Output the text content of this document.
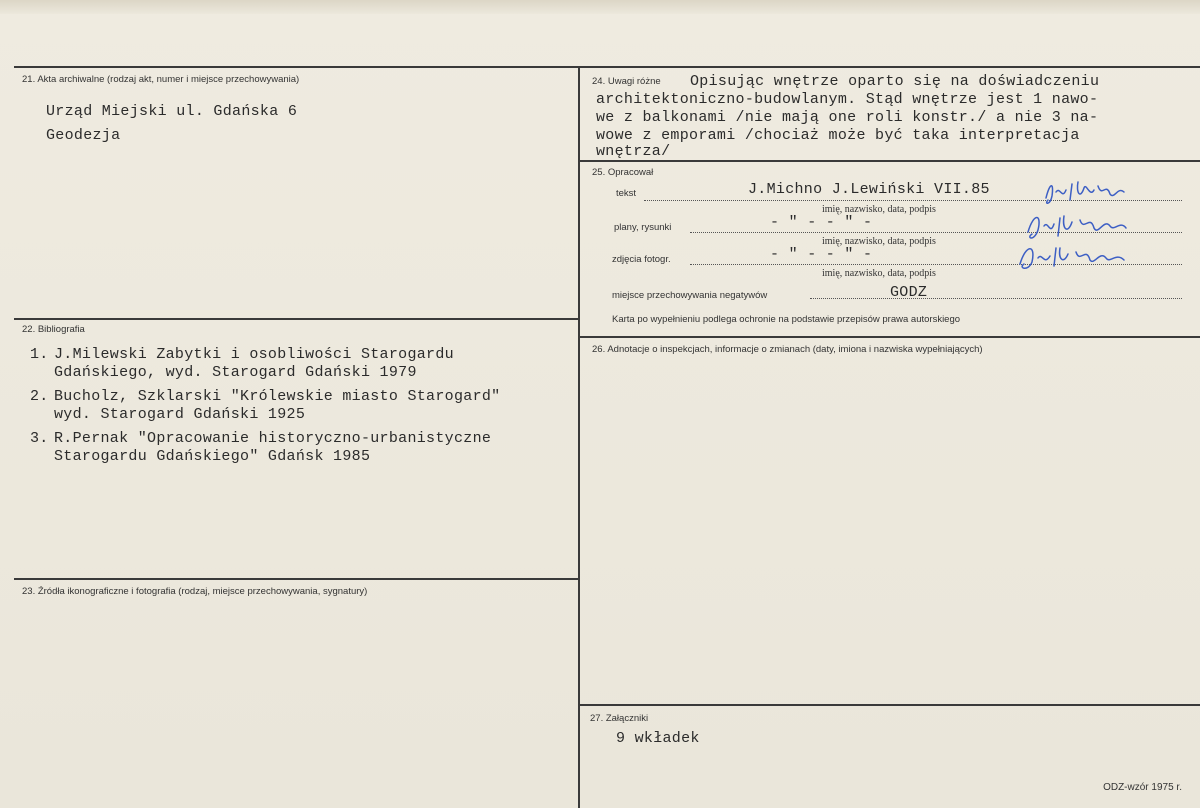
21. Akta archiwalne (rodzaj akt, numer i miejsce przechowywania)
Urząd Miejski ul. Gdańska 6
Geodezja
22. Bibliografia
1. J.Milewski Zabytki i osobliwości Starogardu
Gdańskiego, wyd. Starogard Gdański 1979
2. Bucholz, Szklarski "Królewskie miasto Starogard"
wyd. Starogard Gdański 1925
3. R.Pernak "Opracowanie historyczno-urbanistyczne
Starogardu Gdańskiego" Gdańsk 1985
23. Źródła ikonograficzne i fotografia (rodzaj, miejsce przechowywania, sygnatury)
24. Uwagi różne Opisując wnętrze oparto się na doświadczeniu
architektoniczno-budowlanym. Stąd wnętrze jest 1 nawo-
we z balkonami /nie mają one roli konstr./ a nie 3 na-
wowe z emporami /chociaż może być taka interpretacja
wnętrza/
25. Opracował
tekst	J.Michno J.Lewiński VII.85
imię, nazwisko, data, podpis
plany, rysunki	- " - - " -
imię, nazwisko, data, podpis
zdjęcia fotogr.	- " - - " -
imię, nazwisko, data, podpis
miejsce przechowywania negatywów	GODZ
Karta po wypełnieniu podlega ochronie na podstawie przepisów prawa autorskiego
26. Adnotacje o inspekcjach, informacje o zmianach (daty, imiona i nazwiska wypełniających)
27. Załączniki
9 wkładek
ODZ-wzór 1975 r.
